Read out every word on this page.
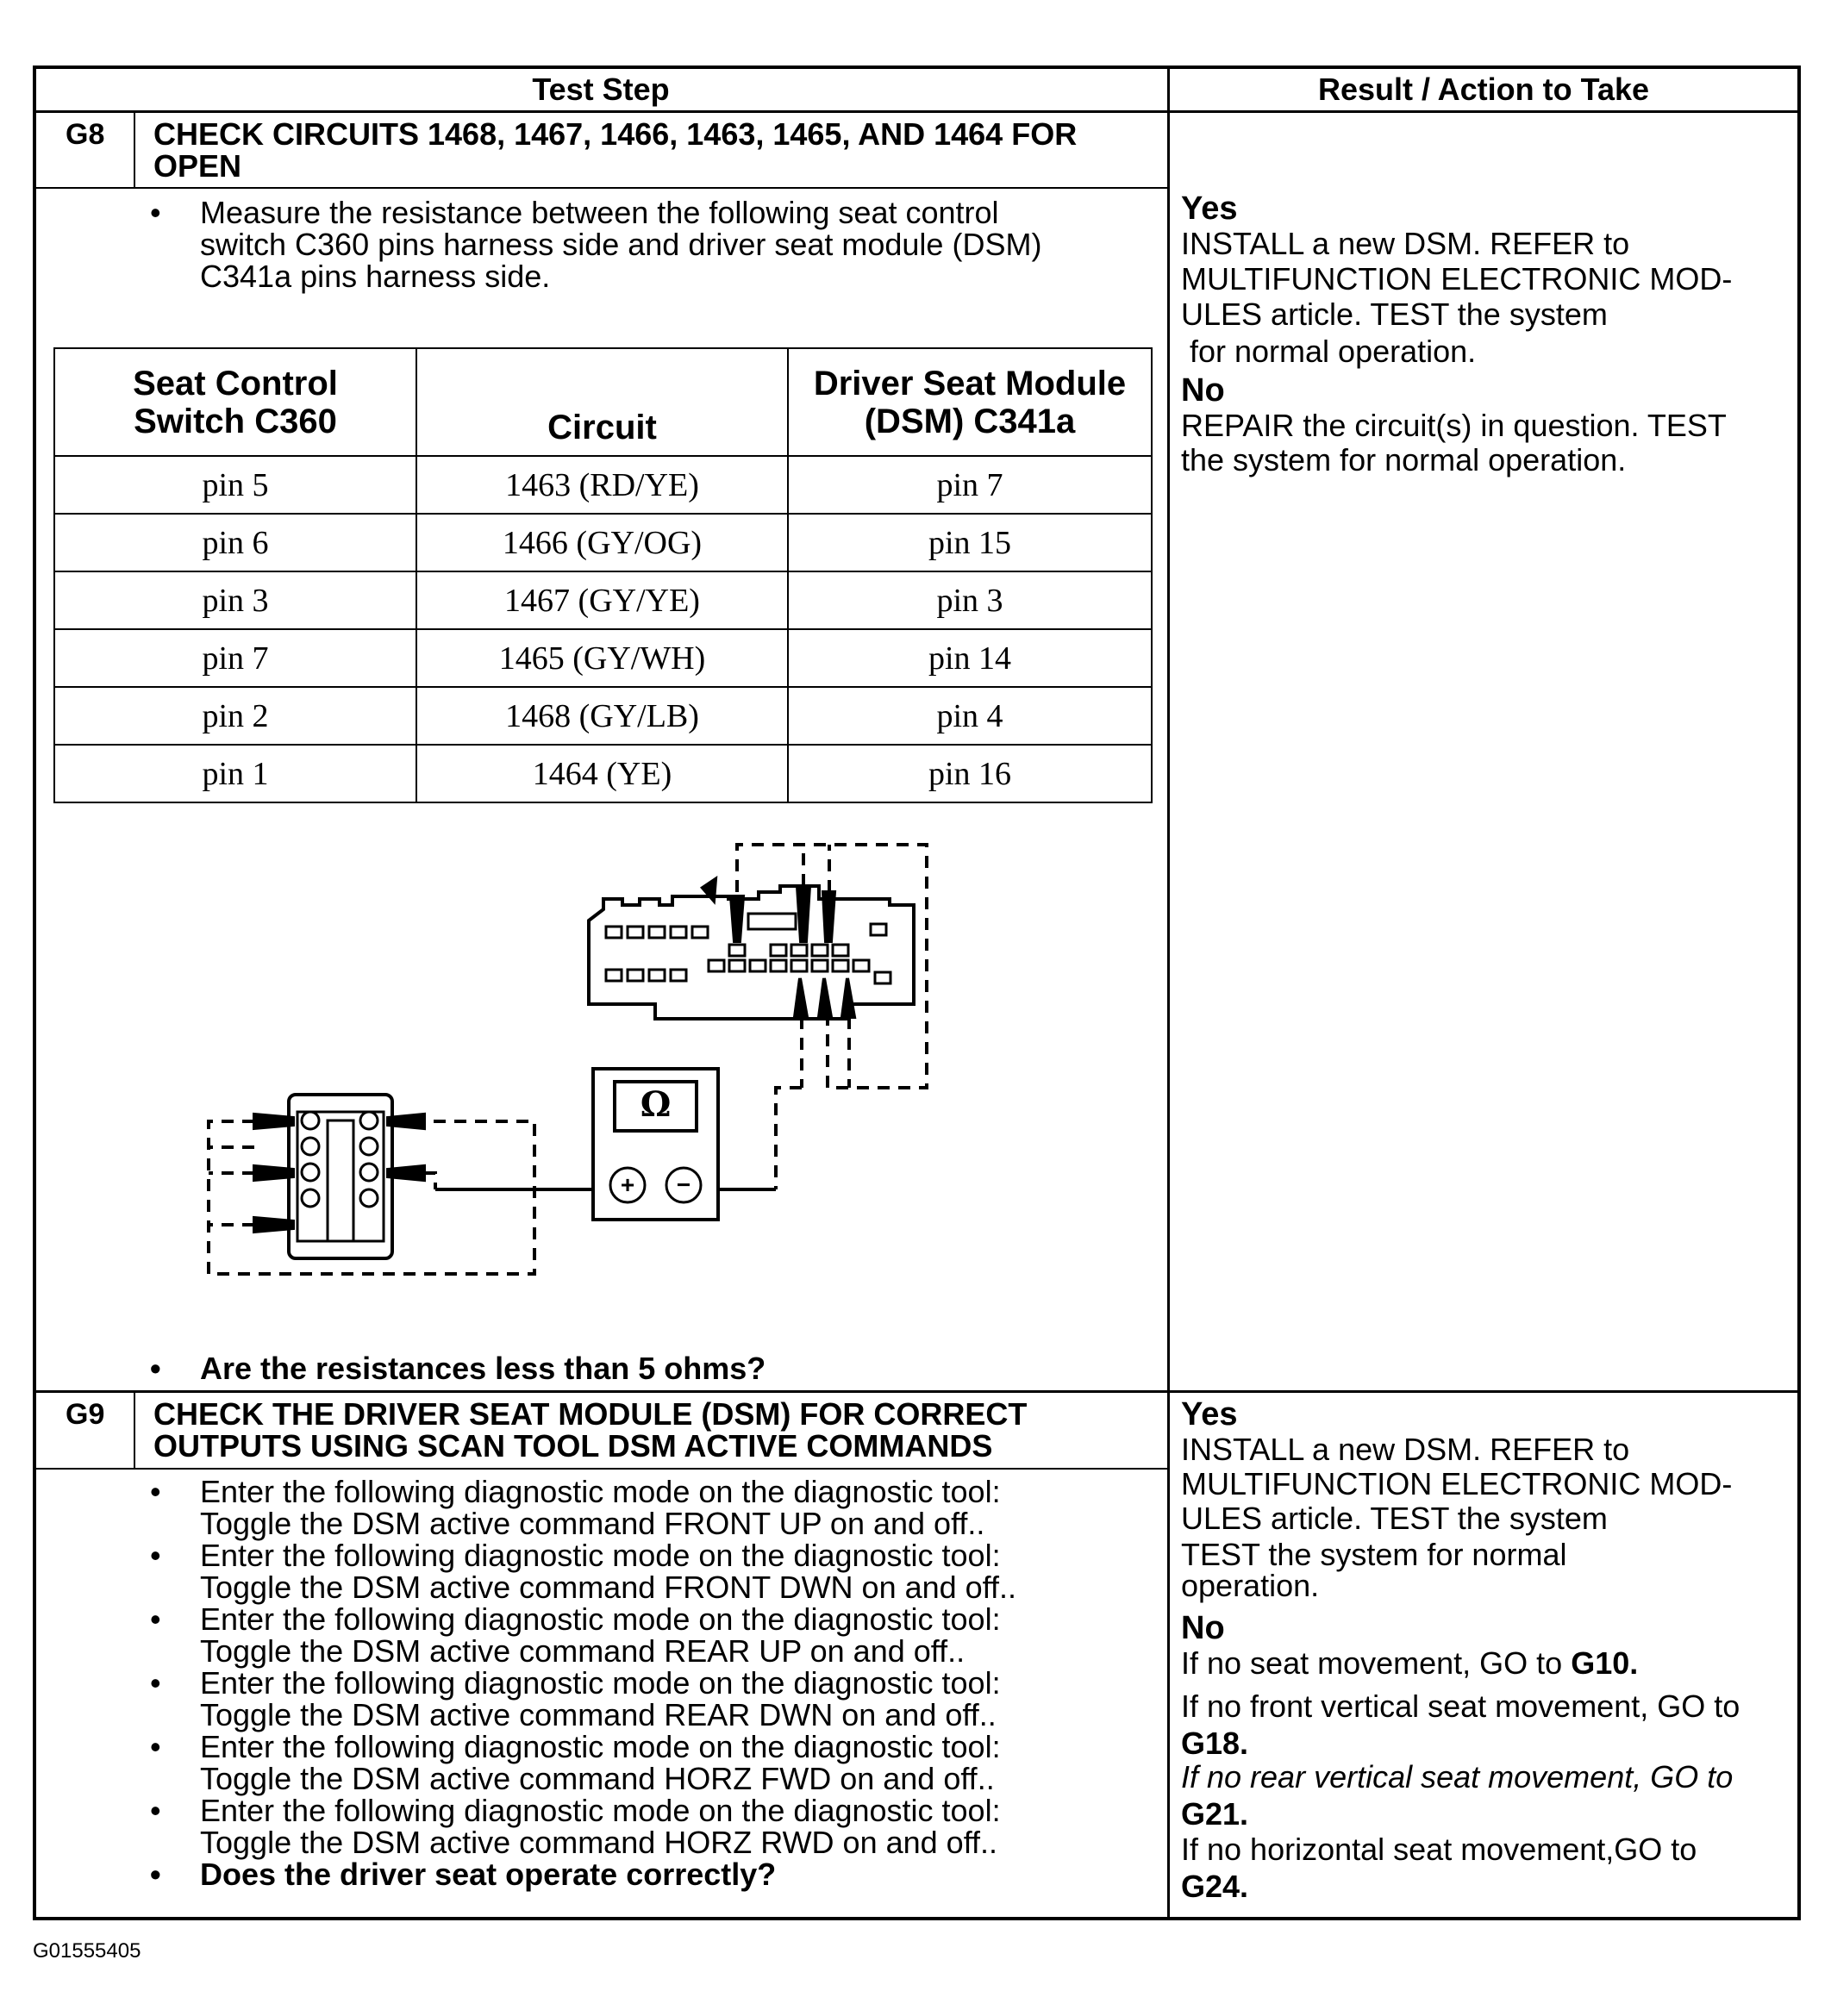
Test Step	Result / Action to Take
G8 CHECK CIRCUITS 1468, 1467, 1466, 1463, 1465, AND 1464 FOR
OPEN
• Measure the resistance between the following seat control
switch C360 pins harness side and driver seat module (DSM)
C341a pins harness side.
Seat Control
Switch C360	Circuit	Driver Seat Module
(DSM) C341a
pin 5	1463 (RD/YE)	pin 7
pin 6	1466 (GY/OG)	pin 15
pin 3	1467 (GY/YE)	pin 3
pin 7	1465 (GY/WH)	pin 14
pin 2	1468 (GY/LB)	pin 4
pin 1	1464 (YE)	pin 16
Ω
+	−
• Are the resistances less than 5 ohms?
Yes
INSTALL a new DSM. REFER to
MULTIFUNCTION ELECTRONIC MOD-
ULES article. TEST the system
for normal operation.
No
REPAIR the circuit(s) in question. TEST
the system for normal operation.
G9 CHECK THE DRIVER SEAT MODULE (DSM) FOR CORRECT
OUTPUTS USING SCAN TOOL DSM ACTIVE COMMANDS
• Enter the following diagnostic mode on the diagnostic tool:
Toggle the DSM active command FRONT UP on and off..
• Enter the following diagnostic mode on the diagnostic tool:
Toggle the DSM active command FRONT DWN on and off..
• Enter the following diagnostic mode on the diagnostic tool:
Toggle the DSM active command REAR UP on and off..
• Enter the following diagnostic mode on the diagnostic tool:
Toggle the DSM active command REAR DWN on and off..
• Enter the following diagnostic mode on the diagnostic tool:
Toggle the DSM active command HORZ FWD on and off..
• Enter the following diagnostic mode on the diagnostic tool:
Toggle the DSM active command HORZ RWD on and off..
• Does the driver seat operate correctly?
Yes
INSTALL a new DSM. REFER to
MULTIFUNCTION ELECTRONIC MOD-
ULES article. TEST the system
TEST the system for normal
operation.
No
If no seat movement, GO to G10.
If no front vertical seat movement, GO to
G18.
If no rear vertical seat movement, GO to
G21.
If no horizontal seat movement,GO to
G24.
G01555405
